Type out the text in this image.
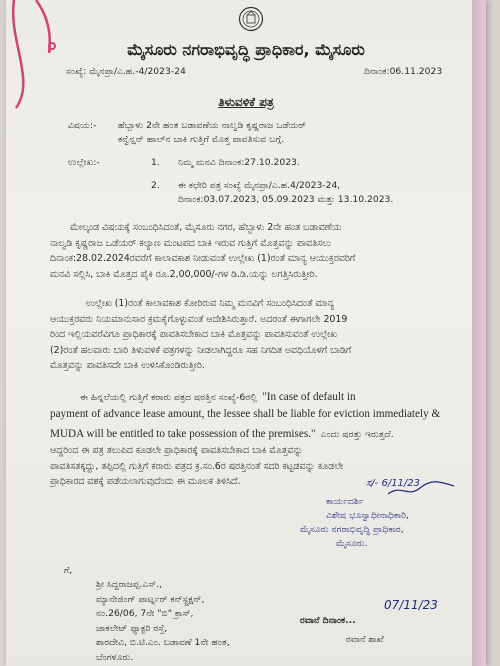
ಮೈಸೂರು ನಗರಾಭಿವೃದ್ಧಿ ಪ್ರಾಧಿಕಾರ, ಮೈಸೂರು
ಸಂಖ್ಯೆ: ಮೈನಪ್ರಾ/ಎ.ಹ.-4/2023-24	ದಿನಾಂಕ:06.11.2023
ತಿಳುವಳಿಕೆ ಪತ್ರ
ವಿಷಯ:- ಹೆಬ್ಬಾಳು 2ನೇ ಹಂತ ಬಡಾವಣೆಯ ನಾಲ್ವಡಿ ಕೃಷ್ಣರಾಜ ಒಡೆಯರ್
ಕನ್ವೆನ್ಷನ್ ಹಾಲ್‌ನ ಬಾಕಿ ಗುತ್ತಿಗೆ ಮೊತ್ತ ಪಾವತಿಸುವ ಬಗ್ಗೆ.
ಉಲ್ಲೇಖ:-	1. ನಿಮ್ಮ ಮನವಿ ದಿನಾಂಕ:27.10.2023.
2. ಈ ಕಛೇರಿ ಪತ್ರ ಸಂಖ್ಯೆ ಮೈನಪ್ರಾ/ಎ.ಹ.4/2023-24,
ದಿನಾಂಕ:03.07.2023, 05.09.2023 ಮತ್ತು 13.10.2023.
ಮೇಲ್ಕಂಡ ವಿಷಯಕ್ಕೆ ಸಂಬಂಧಿಸಿದಂತೆ, ಮೈಸೂರು ನಗರ, ಹೆಬ್ಬಾಳು 2ನೇ ಹಂತ ಬಡಾವಣೆಯ
ನಾಲ್ವಡಿ ಕೃಷ್ಣರಾಜ ಒಡೆಯರ್ ಕಲ್ಯಾಣ ಮಂಟಪದ ಬಾಕಿ ಇರುವ ಗುತ್ತಿಗೆ ಮೊತ್ತವನ್ನು ಪಾವತಿಸಲು
ದಿನಾಂಕ:28.02.2024ರವರೆಗೆ ಕಾಲಾವಕಾಶ ನೀಡುವಂತೆ ಉಲ್ಲೇಖ (1)ರಂತೆ ಮಾನ್ಯ ಆಯುಕ್ತರವರಿಗೆ
ಮನವಿ ಸಲ್ಲಿಸಿ, ಬಾಕಿ ಮೊತ್ತದ ಪೈಕಿ ರೂ.2,00,000/-ಗಳ ಡಿ.ಡಿ.ಯನ್ನು ಲಗತ್ತಿಸಿರುತ್ತೀರಿ.
ಉಲ್ಲೇಖ (1)ರಂತೆ ಕಾಲಾವಕಾಶ ಕೋರಿರುವ ನಿಮ್ಮ ಮನವಿಗೆ ಸಂಬಂಧಿಸಿದಂತೆ ಮಾನ್ಯ
ಆಯುಕ್ತರವರು ನಿಯಮಾನುಸಾರ ಕ್ರಮಕೈಗೊಳ್ಳುವಂತೆ ಆದೇಶಿಸಿರುತ್ತಾರೆ. ಅದರಂತೆ ಈಗಾಗಲೇ 2019
ರಿಂದ ಇಲ್ಲಿಯವರೆವಿಗೂ ಪ್ರಾಧಿಕಾರಕ್ಕೆ ಪಾವತಿಸಬೇಕಾದ ಬಾಕಿ ಮೊತ್ತವನ್ನು ಪಾವತಿಸುವಂತೆ ಉಲ್ಲೇಖ
(2)ರಂತೆ ಹಲವಾರು ಬಾರಿ ತಿಳುವಳಿಕೆ ಪತ್ರಗಳನ್ನು ನೀಡಲಾಗಿದ್ದರೂ ಸಹ ನಿಗದಿತ ಅವಧಿಯೊಳಗೆ ಬಾಡಿಗೆ
ಮೊತ್ತವನ್ನು ಪಾವತಿಸದೇ ಬಾಕಿ ಉಳಿಸಿಕೊಂಡಿರುತ್ತೀರಿ.
ಈ ಹಿನ್ನಲೆಯಲ್ಲಿ ಗುತ್ತಿಗೆ ಕರಾರು ಪತ್ರದ ಷರತ್ತಿನ ಸಂಖ್ಯೆ-6ರಲ್ಲಿ "In case of default in
payment of advance lease amount, the lessee shall be liable for eviction immediately &
MUDA will be entitled to take possession of the premises." ಎಂದು ಷರತ್ತು ಇರುತ್ತದೆ.
ಆದ್ದರಿಂದ ಈ ಪತ್ರ ತಲುಪಿದ ಕೂಡಲೇ ಪ್ರಾಧಿಕಾರಕ್ಕೆ ಪಾವತಿಸಬೇಕಾದ ಬಾಕಿ ಮೊತ್ತವನ್ನು
ಪಾವತಿಸತಕ್ಕದ್ದು, ತಪ್ಪಿದಲ್ಲಿ ಗುತ್ತಿಗೆ ಕರಾರು ಪತ್ರದ ಕ್ರ.ಸಂ.6ರ ಷರತ್ತಿನಂತೆ ಸದರಿ ಕಟ್ಟಡವನ್ನು ಕೂಡಲೇ
ಪ್ರಾಧಿಕಾರದ ವಶಕ್ಕೆ ಪಡೆಯಲಾಗುವುದೆಂದು ಈ ಮೂಲಕ ತಿಳಿಸಿದೆ.	ಸ/- 6/11/23
ಕಾರ್ಯದರ್ಶಿ
ವಿಶೇಷ ಭೂಸ್ವಾಧೀನಾಧಿಕಾರಿ,
ಮೈಸೂರು ನಗರಾಭಿವೃದ್ಧಿ ಪ್ರಾಧಿಕಾರ,
ಮೈಸೂರು.
ಗೆ,
ಶ್ರೀ ಸಿದ್ದರಾಜಪ್ಪ.ಎಸ್.,
ಮ್ಯಾನೇಜಿಂಗ್ ಪಾರ್ಟ್ನರ್ ಕನ್‌ಸ್ಟ್ರಕ್ಷನ್,
ನಂ.26/06, 7ನೇ "ಬಿ" ಕ್ರಾಸ್,
ಜಾಕಲೇಟ್ ಫ್ಯಾಕ್ಟರಿ ರಸ್ತೆ,
ಶಾರದೇವಿ, ಬಿ.ಟಿ.ಎಂ. ಬಡಾವಣೆ 1ನೇ ಹಂತ,
ಬೆಂಗಳೂರು.
07/11/23
ರವಾನೆ ದಿನಾಂಕ...
ರವಾನೆ ಶಾಖೆ
